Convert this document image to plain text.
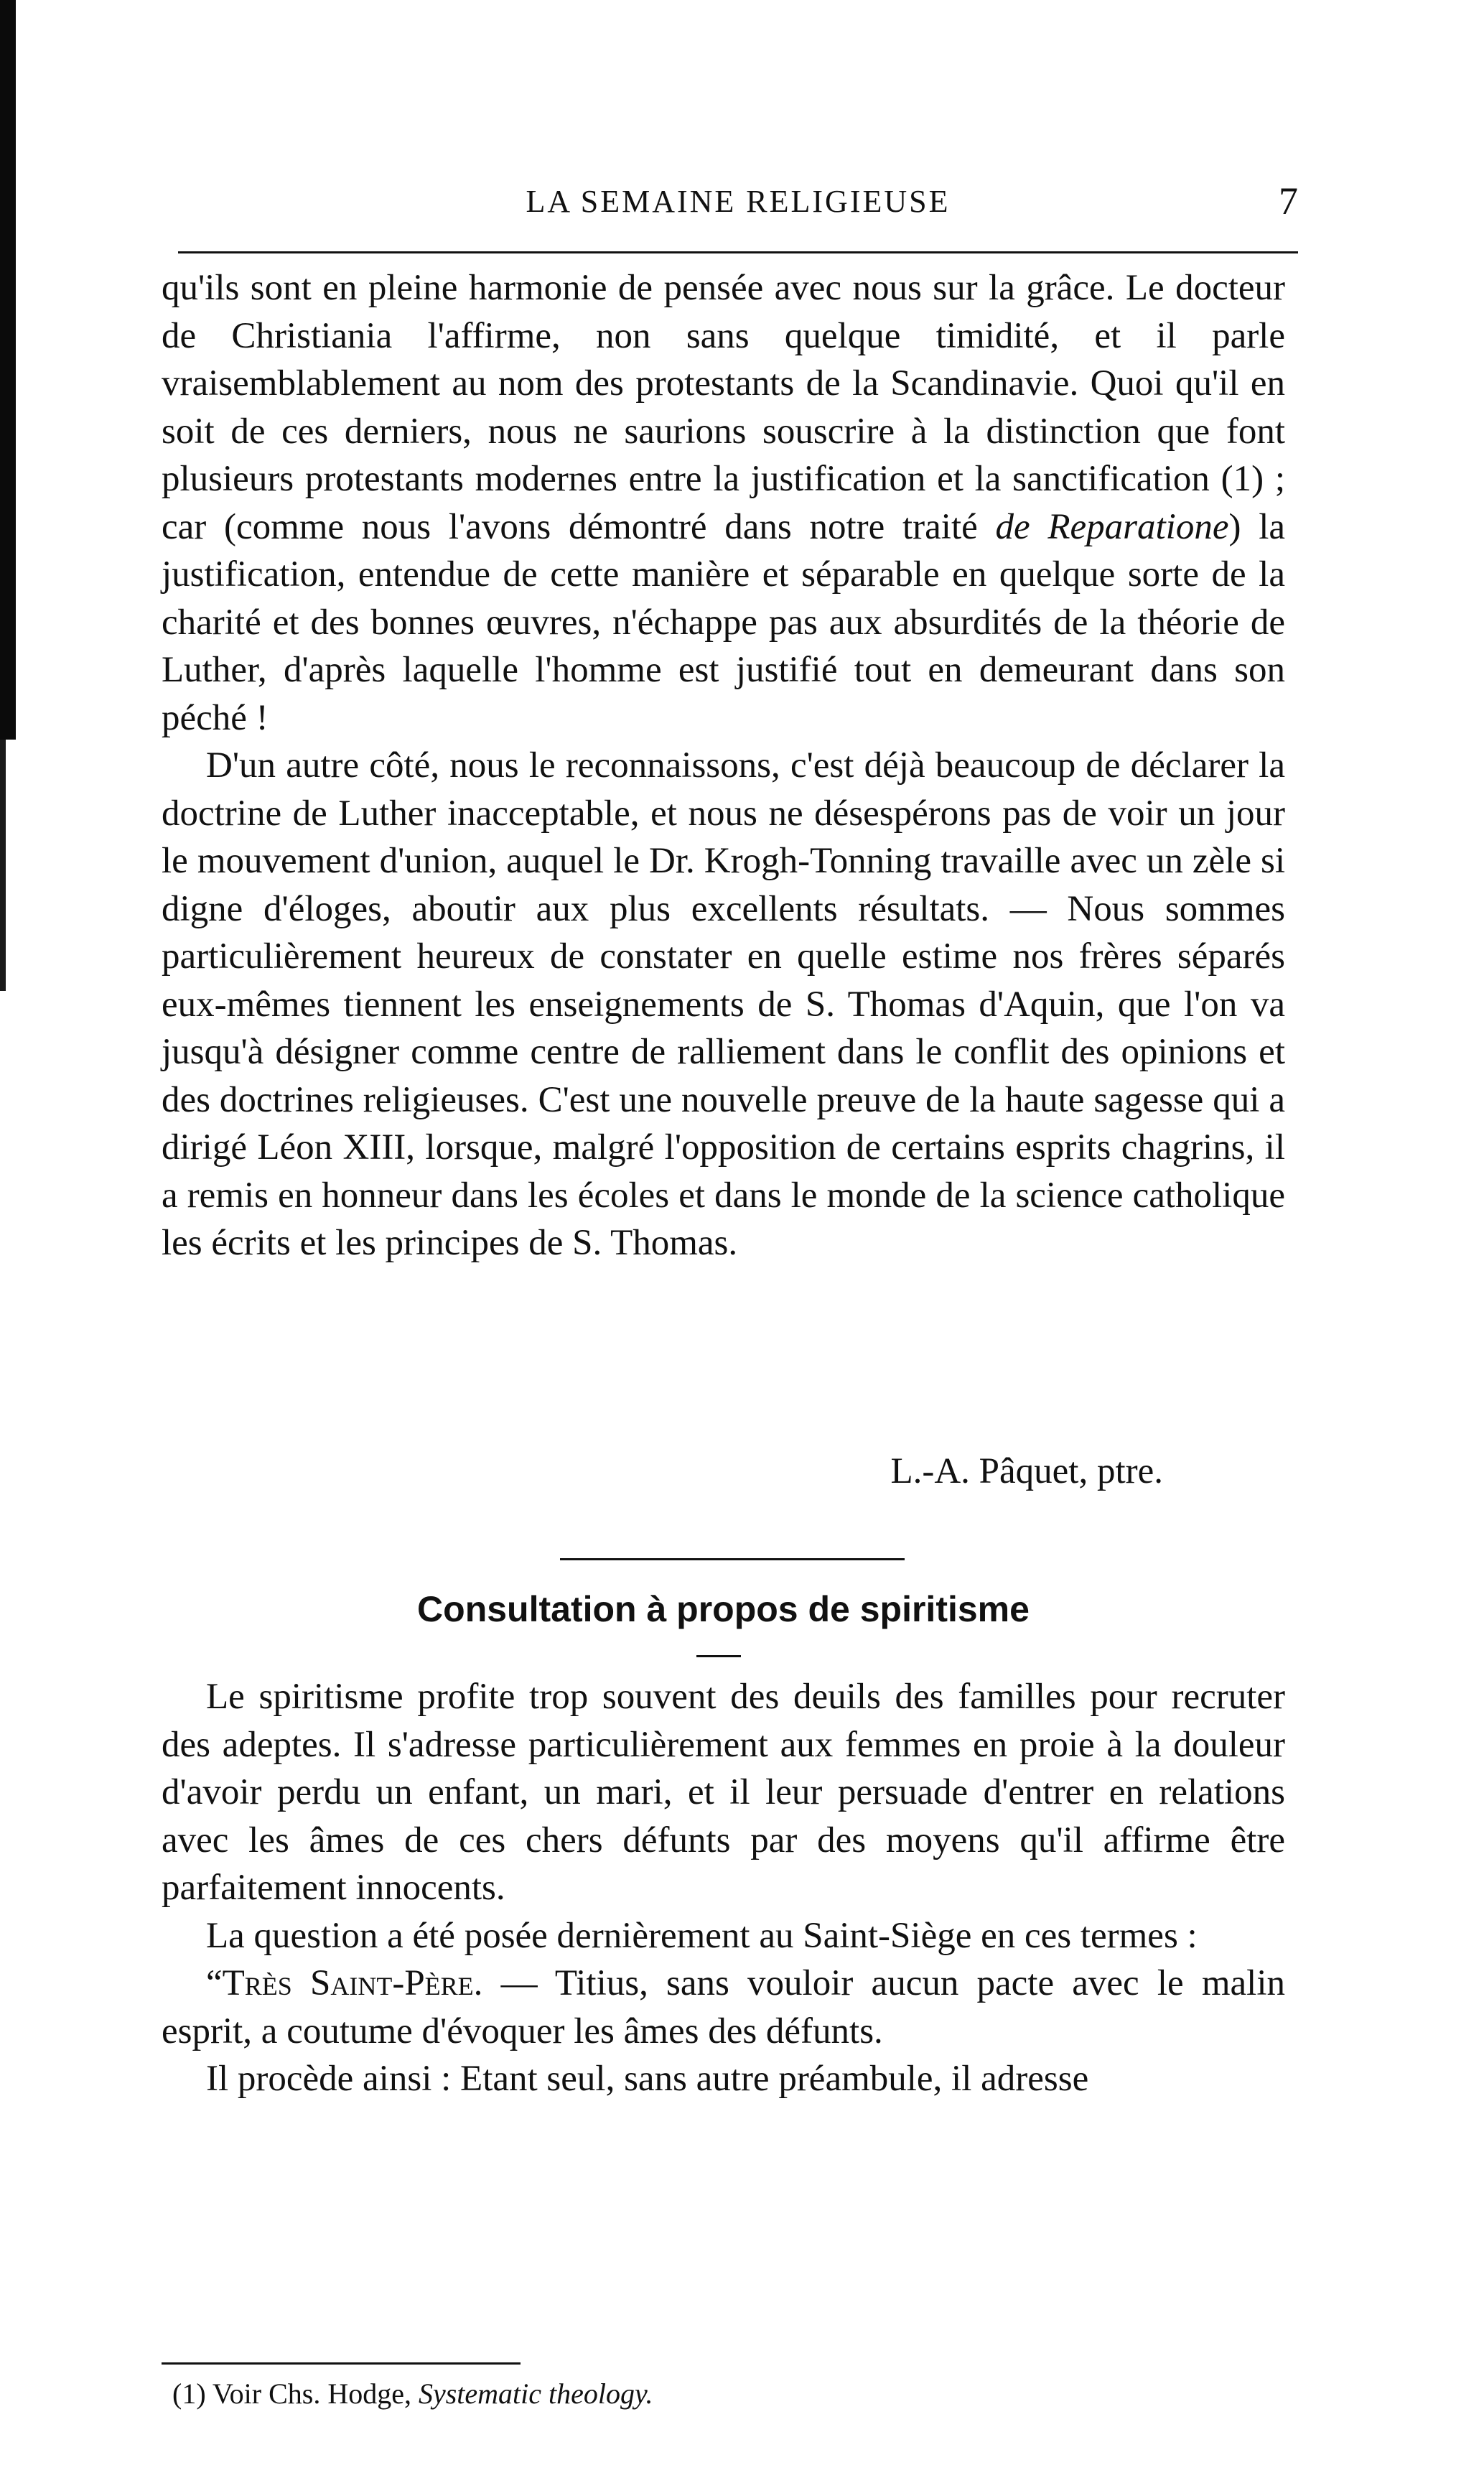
LA SEMAINE RELIGIEUSE	7

qu'ils sont en pleine harmonie de pensée avec nous sur la grâce. Le docteur de Christiania l'affirme, non sans quelque timidité, et il parle vraisemblablement au nom des protestants de la Scandinavie. Quoi qu'il en soit de ces derniers, nous ne saurions souscrire à la distinction que font plusieurs protestants modernes entre la justification et la sanctification (1) ; car (comme nous l'avons démontré dans notre traité de Reparatione) la justification, entendue de cette manière et séparable en quelque sorte de la charité et des bonnes œuvres, n'échappe pas aux absurdités de la théorie de Luther, d'après laquelle l'homme est justifié tout en demeurant dans son péché !

D'un autre côté, nous le reconnaissons, c'est déjà beaucoup de déclarer la doctrine de Luther inacceptable, et nous ne désespérons pas de voir un jour le mouvement d'union, auquel le Dr. Krogh-Tonning travaille avec un zèle si digne d'éloges, aboutir aux plus excellents résultats. — Nous sommes particulièrement heureux de constater en quelle estime nos frères séparés eux-mêmes tiennent les enseignements de S. Thomas d'Aquin, que l'on va jusqu'à désigner comme centre de ralliement dans le conflit des opinions et des doctrines religieuses. C'est une nouvelle preuve de la haute sagesse qui a dirigé Léon XIII, lorsque, malgré l'opposition de certains esprits chagrins, il a remis en honneur dans les écoles et dans le monde de la science catholique les écrits et les principes de S. Thomas.

L.-A. Pâquet, ptre.
Consultation à propos de spiritisme

Le spiritisme profite trop souvent des deuils des familles pour recruter des adeptes. Il s'adresse particulièrement aux femmes en proie à la douleur d'avoir perdu un enfant, un mari, et il leur persuade d'entrer en relations avec les âmes de ces chers défunts par des moyens qu'il affirme être parfaitement innocents.

La question a été posée dernièrement au Saint-Siège en ces termes :

“Très Saint-Père. — Titius, sans vouloir aucun pacte avec le malin esprit, a coutume d'évoquer les âmes des défunts.

Il procède ainsi : Etant seul, sans autre préambule, il adresse

(1) Voir Chs. Hodge, Systematic theology.
